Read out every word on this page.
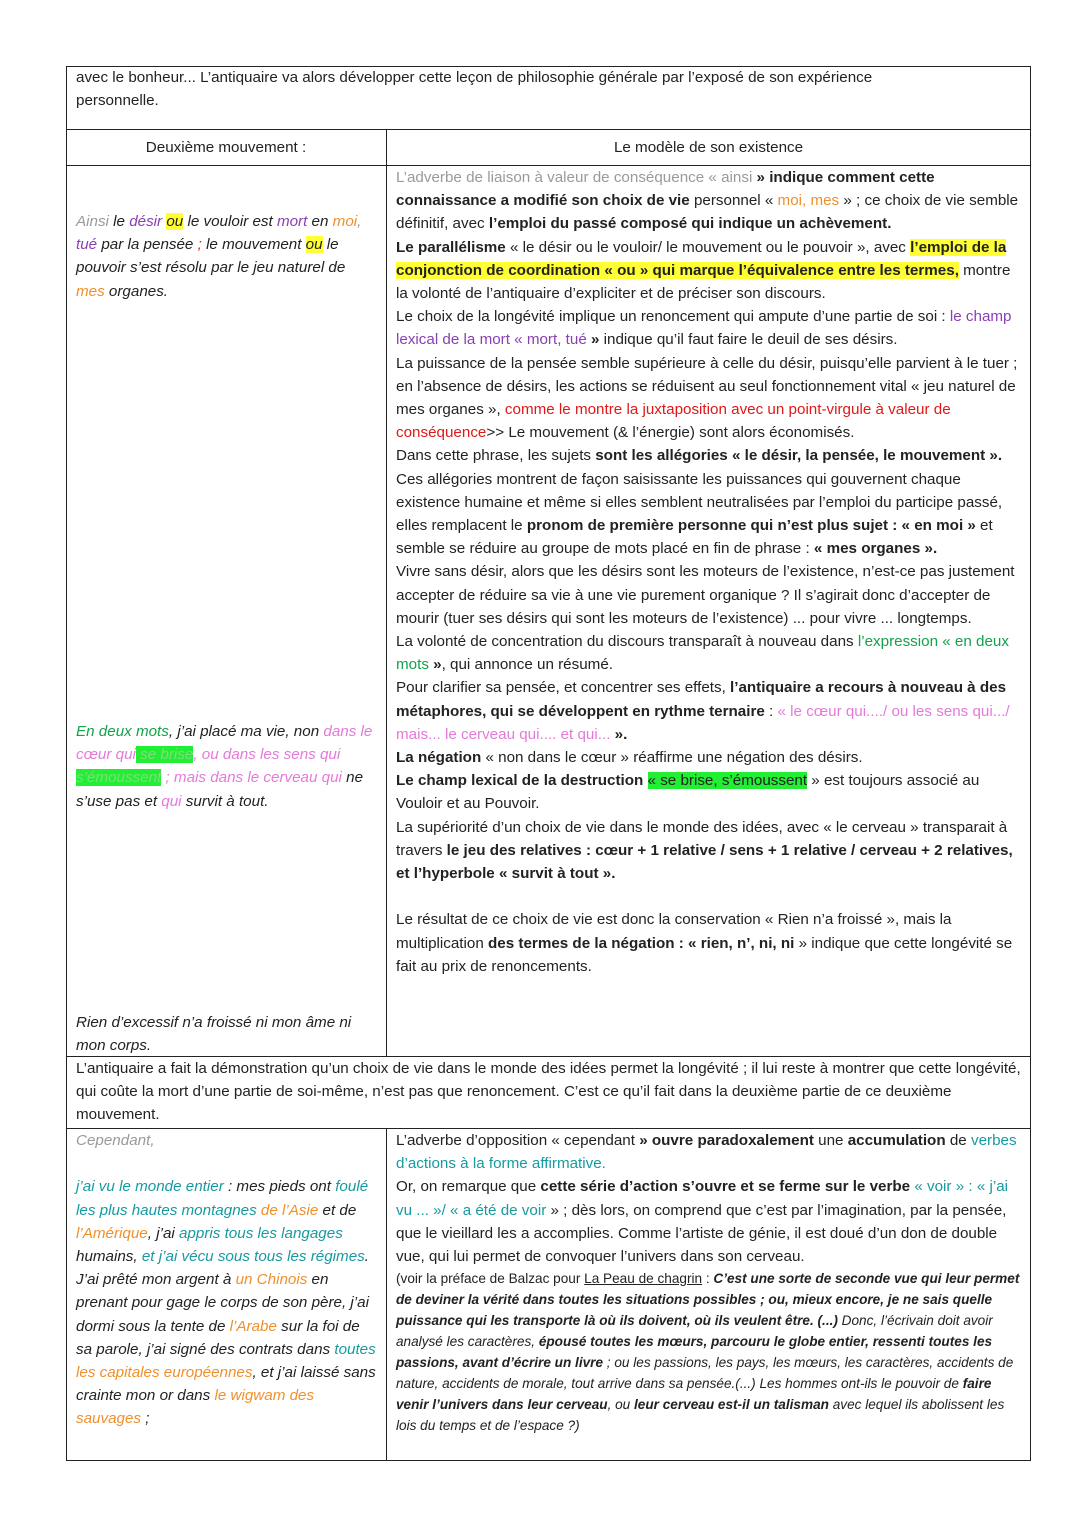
avec le bonheur... L’antiquaire va alors développer cette leçon de philosophie générale par l’exposé de son expérience
personnelle.
Deuxième mouvement :	Le modèle de son existence
Ainsi le désir ou le vouloir est mort en moi, tué par la pensée ; le mouvement ou le pouvoir s’est résolu par le jeu naturel de mes organes.
L’adverbe de liaison à valeur de conséquence « ainsi » indique comment cette connaissance a modifié son choix de vie personnel « moi, mes » ; ce choix de vie semble définitif, avec l’emploi du passé composé qui indique un achèvement.
Le parallélisme « le désir ou le vouloir/ le mouvement ou le pouvoir », avec l’emploi de la conjonction de coordination « ou » qui marque l’équivalence entre les termes, montre la volonté de l’antiquaire d’expliciter et de préciser son discours.
Le choix de la longévité implique un renoncement qui ampute d’une partie de soi : le champ lexical de la mort « mort, tué » indique qu’il faut faire le deuil de ses désirs.
La puissance de la pensée semble supérieure à celle du désir, puisqu’elle parvient à le tuer ; en l’absence de désirs, les actions se réduisent au seul fonctionnement vital « jeu naturel de mes organes », comme le montre la juxtaposition avec un point-virgule à valeur de conséquence>> Le mouvement (& l’énergie) sont alors économisés.
Dans cette phrase, les sujets sont les allégories « le désir, la pensée, le mouvement ». Ces allégories montrent de façon saisissante les puissances qui gouvernent chaque existence humaine et même si elles semblent neutralisées par l’emploi du participe passé, elles remplacent le pronom de première personne qui n’est plus sujet : « en moi » et semble se réduire au groupe de mots placé en fin de phrase : « mes organes ».
Vivre sans désir, alors que les désirs sont les moteurs de l’existence, n’est-ce pas justement accepter de réduire sa vie à une vie purement organique ? Il s’agirait donc d’accepter de mourir (tuer ses désirs qui sont les moteurs de l’existence) ... pour vivre ... longtemps.
La volonté de concentration du discours transparaît à nouveau dans l’expression « en deux mots », qui annonce un résumé.
Pour clarifier sa pensée, et concentrer ses effets, l’antiquaire a recours à nouveau à des métaphores, qui se développent en rythme ternaire : « le cœur qui..../ ou les sens qui.../ mais... le cerveau qui.... et qui... ».
La négation « non dans le cœur » réaffirme une négation des désirs.
Le champ lexical de la destruction « se brise, s’émoussent » est toujours associé au Vouloir et au Pouvoir.
La supériorité d’un choix de vie dans le monde des idées, avec « le cerveau » transparait à travers le jeu des relatives : cœur + 1 relative / sens + 1 relative / cerveau + 2 relatives, et l’hyperbole « survit à tout ».
Le résultat de ce choix de vie est donc la conservation « Rien n’a froissé », mais la multiplication des termes de la négation : « rien, n’, ni, ni » indique que cette longévité se fait au prix de renoncements.
En deux mots, j’ai placé ma vie, non dans le cœur qui se brise, ou dans les sens qui s’émoussent ; mais dans le cerveau qui ne s’use pas et qui survit à tout.
Rien d’excessif n’a froissé ni mon âme ni mon corps.
L’antiquaire a fait la démonstration qu’un choix de vie dans le monde des idées permet la longévité ; il lui reste à montrer que cette longévité, qui coûte la mort d’une partie de soi-même, n’est pas que renoncement. C’est ce qu’il fait dans la deuxième partie de ce deuxième mouvement.
Cependant,
j’ai vu le monde entier : mes pieds ont foulé les plus hautes montagnes de l’Asie et de l’Amérique, j’ai appris tous les langages humains, et j’ai vécu sous tous les régimes. J’ai prêté mon argent à un Chinois en prenant pour gage le corps de son père, j’ai dormi sous la tente de l’Arabe sur la foi de sa parole, j’ai signé des contrats dans toutes les capitales européennes, et j’ai laissé sans crainte mon or dans le wigwam des sauvages ;
L’adverbe d’opposition « cependant » ouvre paradoxalement une accumulation de verbes d’actions à la forme affirmative.
Or, on remarque que cette série d’action s’ouvre et se ferme sur le verbe « voir » : « j’ai vu ... »/ « a été de voir » ; dès lors, on comprend que c’est par l’imagination, par la pensée, que le vieillard les a accomplies. Comme l’artiste de génie, il est doué d’un don de double vue, qui lui permet de convoquer l’univers dans son cerveau.
(voir la préface de Balzac pour La Peau de chagrin : C’est une sorte de seconde vue qui leur permet de deviner la vérité dans toutes les situations possibles ; ou, mieux encore, je ne sais quelle puissance qui les transporte là où ils doivent, où ils veulent être. (...) Donc, l’écrivain doit avoir analysé les caractères, épousé toutes les mœurs, parcouru le globe entier, ressenti toutes les passions, avant d’écrire un livre ; ou les passions, les pays, les mœurs, les caractères, accidents de nature, accidents de morale, tout arrive dans sa pensée.(...) Les hommes ont-ils le pouvoir de faire venir l’univers dans leur cerveau, ou leur cerveau est-il un talisman avec lequel ils abolissent les lois du temps et de l’espace ?)
